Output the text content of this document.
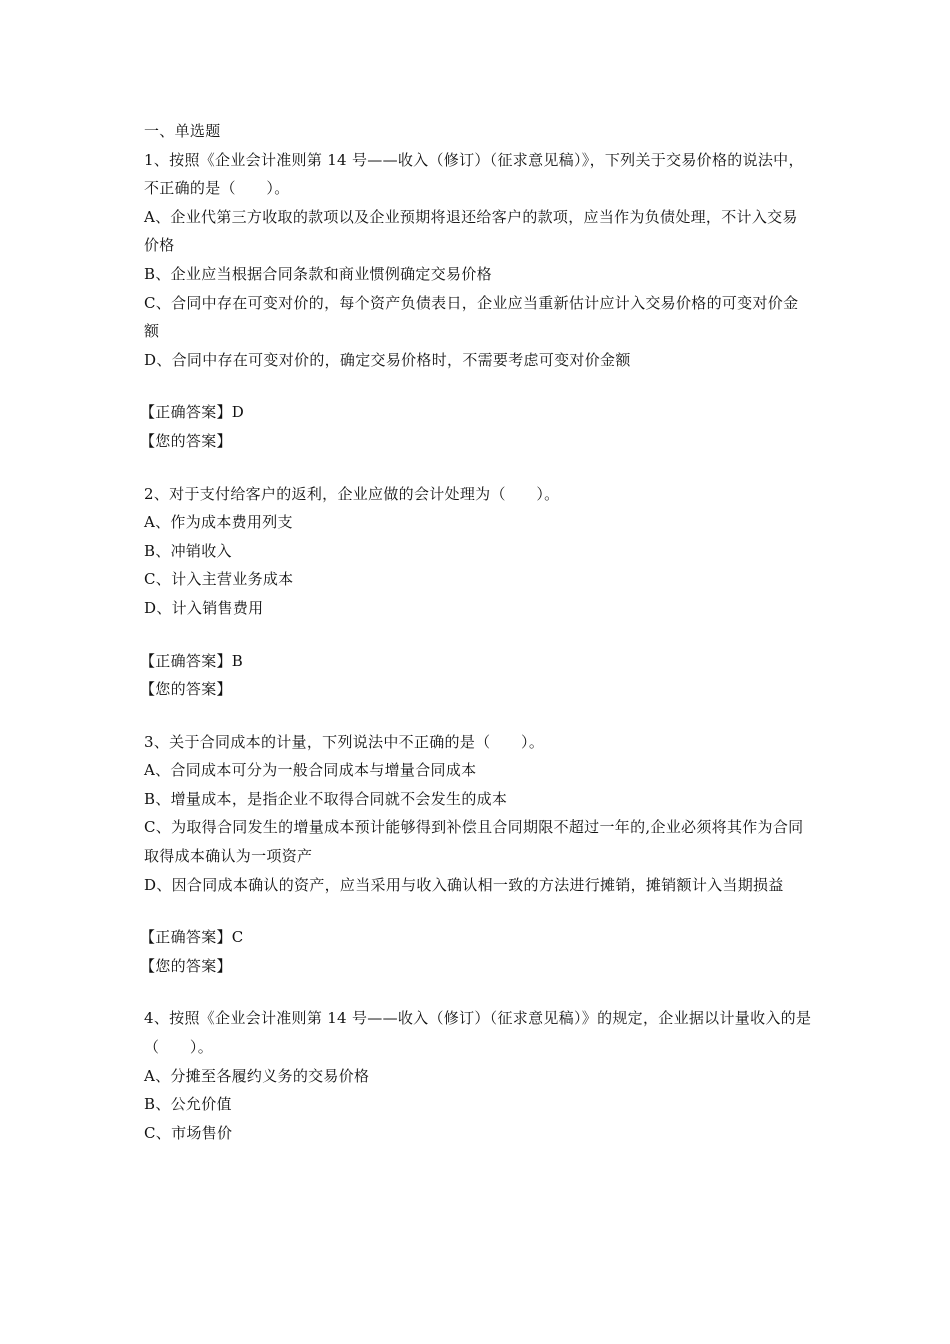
一、单选题
1、按照《企业会计准则第 14 号——收入（修订）（征求意见稿）》，下列关于交易价格的说法中，不正确的是（　　）。
A、企业代第三方收取的款项以及企业预期将退还给客户的款项，应当作为负债处理，不计入交易价格
B、企业应当根据合同条款和商业惯例确定交易价格
C、合同中存在可变对价的，每个资产负债表日，企业应当重新估计应计入交易价格的可变对价金额
D、合同中存在可变对价的，确定交易价格时，不需要考虑可变对价金额
【正确答案】D
【您的答案】
2、对于支付给客户的返利，企业应做的会计处理为（　　）。
A、作为成本费用列支
B、冲销收入
C、计入主营业务成本
D、计入销售费用
【正确答案】B
【您的答案】
3、关于合同成本的计量，下列说法中不正确的是（　　）。
A、合同成本可分为一般合同成本与增量合同成本
B、增量成本，是指企业不取得合同就不会发生的成本
C、为取得合同发生的增量成本预计能够得到补偿且合同期限不超过一年的,企业必须将其作为合同取得成本确认为一项资产
D、因合同成本确认的资产，应当采用与收入确认相一致的方法进行摊销，摊销额计入当期损益
【正确答案】C
【您的答案】
4、按照《企业会计准则第 14 号——收入（修订）（征求意见稿）》的规定，企业据以计量收入的是（　　）。
A、分摊至各履约义务的交易价格
B、公允价值
C、市场售价
